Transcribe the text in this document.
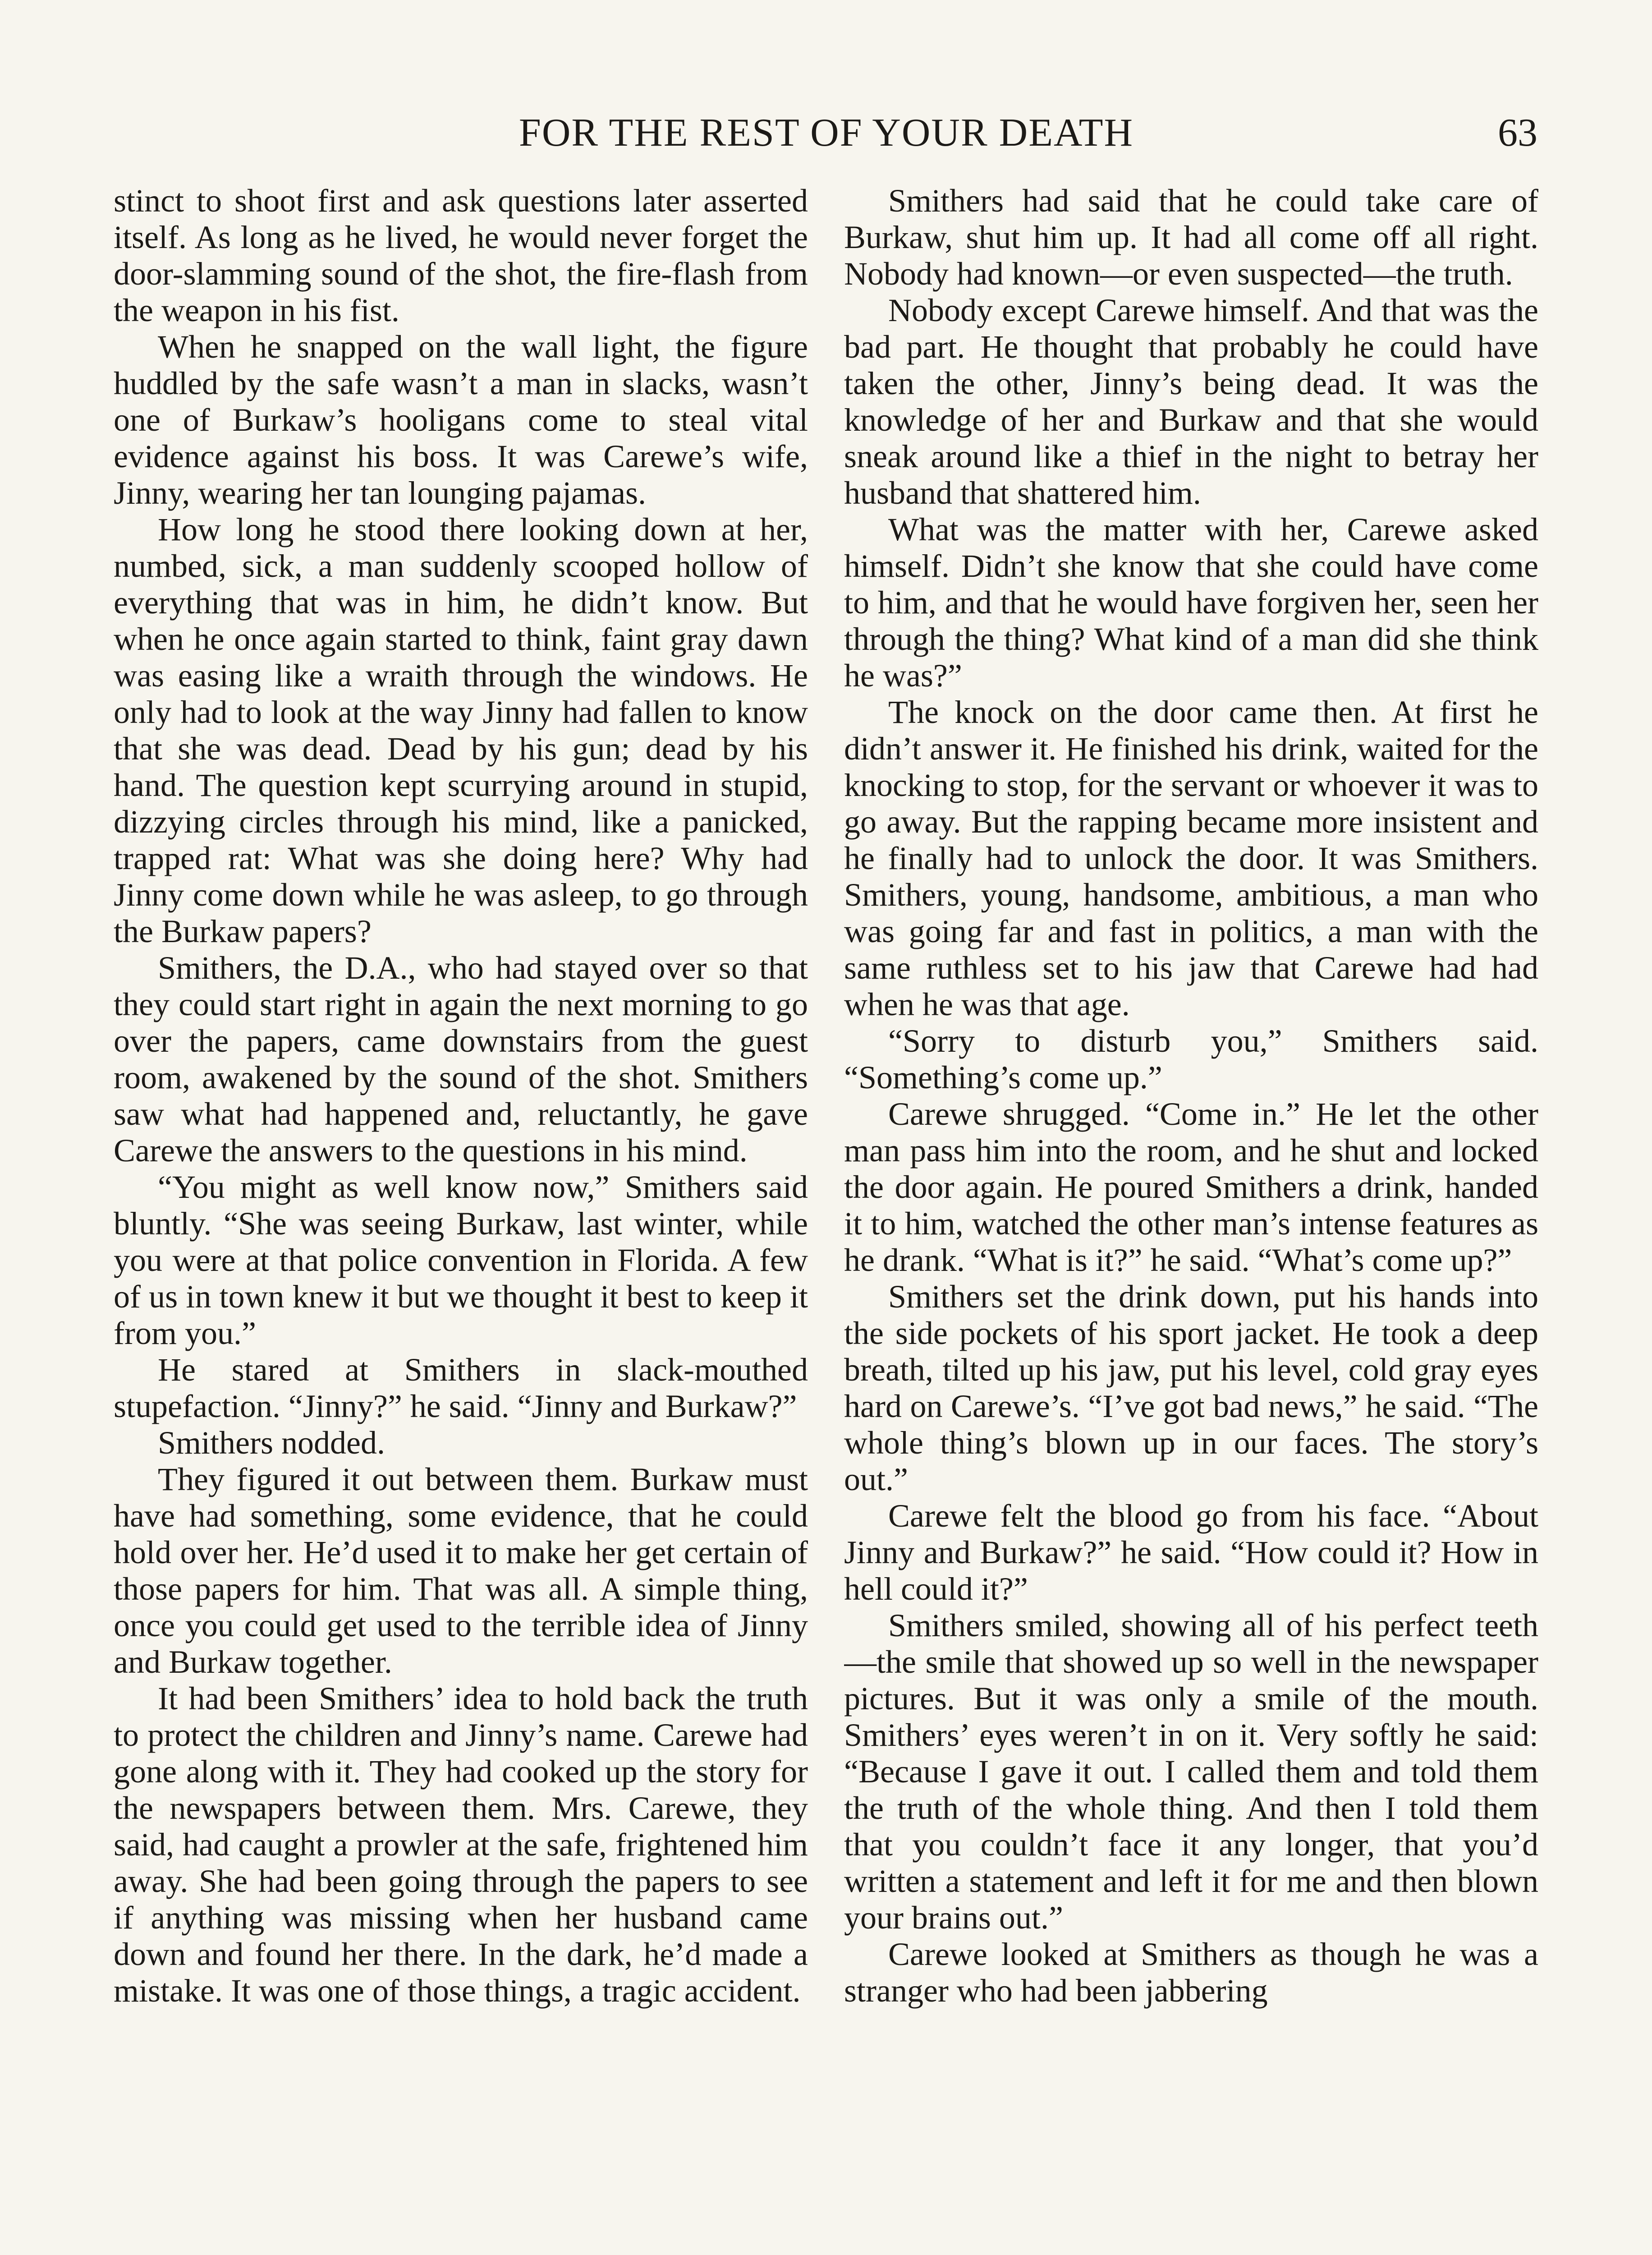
FOR THE REST OF YOUR DEATH	63

stinct to shoot first and ask questions later asserted itself. As long as he lived, he would never forget the door-slamming sound of the shot, the fire-flash from the weapon in his fist.

When he snapped on the wall light, the figure huddled by the safe wasn’t a man in slacks, wasn’t one of Burkaw’s hooligans come to steal vital evidence against his boss. It was Carewe’s wife, Jinny, wearing her tan lounging pajamas.

How long he stood there looking down at her, numbed, sick, a man suddenly scooped hollow of everything that was in him, he didn’t know. But when he once again started to think, faint gray dawn was easing like a wraith through the windows. He only had to look at the way Jinny had fallen to know that she was dead. Dead by his gun; dead by his hand. The question kept scurrying around in stupid, dizzying circles through his mind, like a panicked, trapped rat: What was she doing here? Why had Jinny come down while he was asleep, to go through the Burkaw papers?

Smithers, the D.A., who had stayed over so that they could start right in again the next morning to go over the papers, came downstairs from the guest room, awakened by the sound of the shot. Smithers saw what had happened and, reluctantly, he gave Carewe the answers to the questions in his mind.

“You might as well know now,” Smithers said bluntly. “She was seeing Burkaw, last winter, while you were at that police convention in Florida. A few of us in town knew it but we thought it best to keep it from you.”

He stared at Smithers in slack-mouthed stupefaction. “Jinny?” he said. “Jinny and Burkaw?”

Smithers nodded.

They figured it out between them. Burkaw must have had something, some evidence, that he could hold over her. He’d used it to make her get certain of those papers for him. That was all. A simple thing, once you could get used to the terrible idea of Jinny and Burkaw together.

It had been Smithers’ idea to hold back the truth to protect the children and Jinny’s name. Carewe had gone along with it. They had cooked up the story for the newspapers between them. Mrs. Carewe, they said, had caught a prowler at the safe, frightened him away. She had been going through the papers to see if anything was missing when her husband came down and found her there. In the dark, he’d made a mistake. It was one of those things, a tragic accident.

Smithers had said that he could take care of Burkaw, shut him up. It had all come off all right. Nobody had known—or even suspected—the truth.

Nobody except Carewe himself. And that was the bad part. He thought that probably he could have taken the other, Jinny’s being dead. It was the knowledge of her and Burkaw and that she would sneak around like a thief in the night to betray her husband that shattered him.

What was the matter with her, Carewe asked himself. Didn’t she know that she could have come to him, and that he would have forgiven her, seen her through the thing? What kind of a man did she think he was?”

The knock on the door came then. At first he didn’t answer it. He finished his drink, waited for the knocking to stop, for the servant or whoever it was to go away. But the rapping became more insistent and he finally had to unlock the door. It was Smithers. Smithers, young, handsome, ambitious, a man who was going far and fast in politics, a man with the same ruthless set to his jaw that Carewe had had when he was that age.

“Sorry to disturb you,” Smithers said. “Something’s come up.”

Carewe shrugged. “Come in.” He let the other man pass him into the room, and he shut and locked the door again. He poured Smithers a drink, handed it to him, watched the other man’s intense features as he drank. “What is it?” he said. “What’s come up?”

Smithers set the drink down, put his hands into the side pockets of his sport jacket. He took a deep breath, tilted up his jaw, put his level, cold gray eyes hard on Carewe’s. “I’ve got bad news,” he said. “The whole thing’s blown up in our faces. The story’s out.”

Carewe felt the blood go from his face. “About Jinny and Burkaw?” he said. “How could it? How in hell could it?”

Smithers smiled, showing all of his perfect teeth—the smile that showed up so well in the newspaper pictures. But it was only a smile of the mouth. Smithers’ eyes weren’t in on it. Very softly he said: “Because I gave it out. I called them and told them the truth of the whole thing. And then I told them that you couldn’t face it any longer, that you’d written a statement and left it for me and then blown your brains out.”

Carewe looked at Smithers as though he was a stranger who had been jabbering
